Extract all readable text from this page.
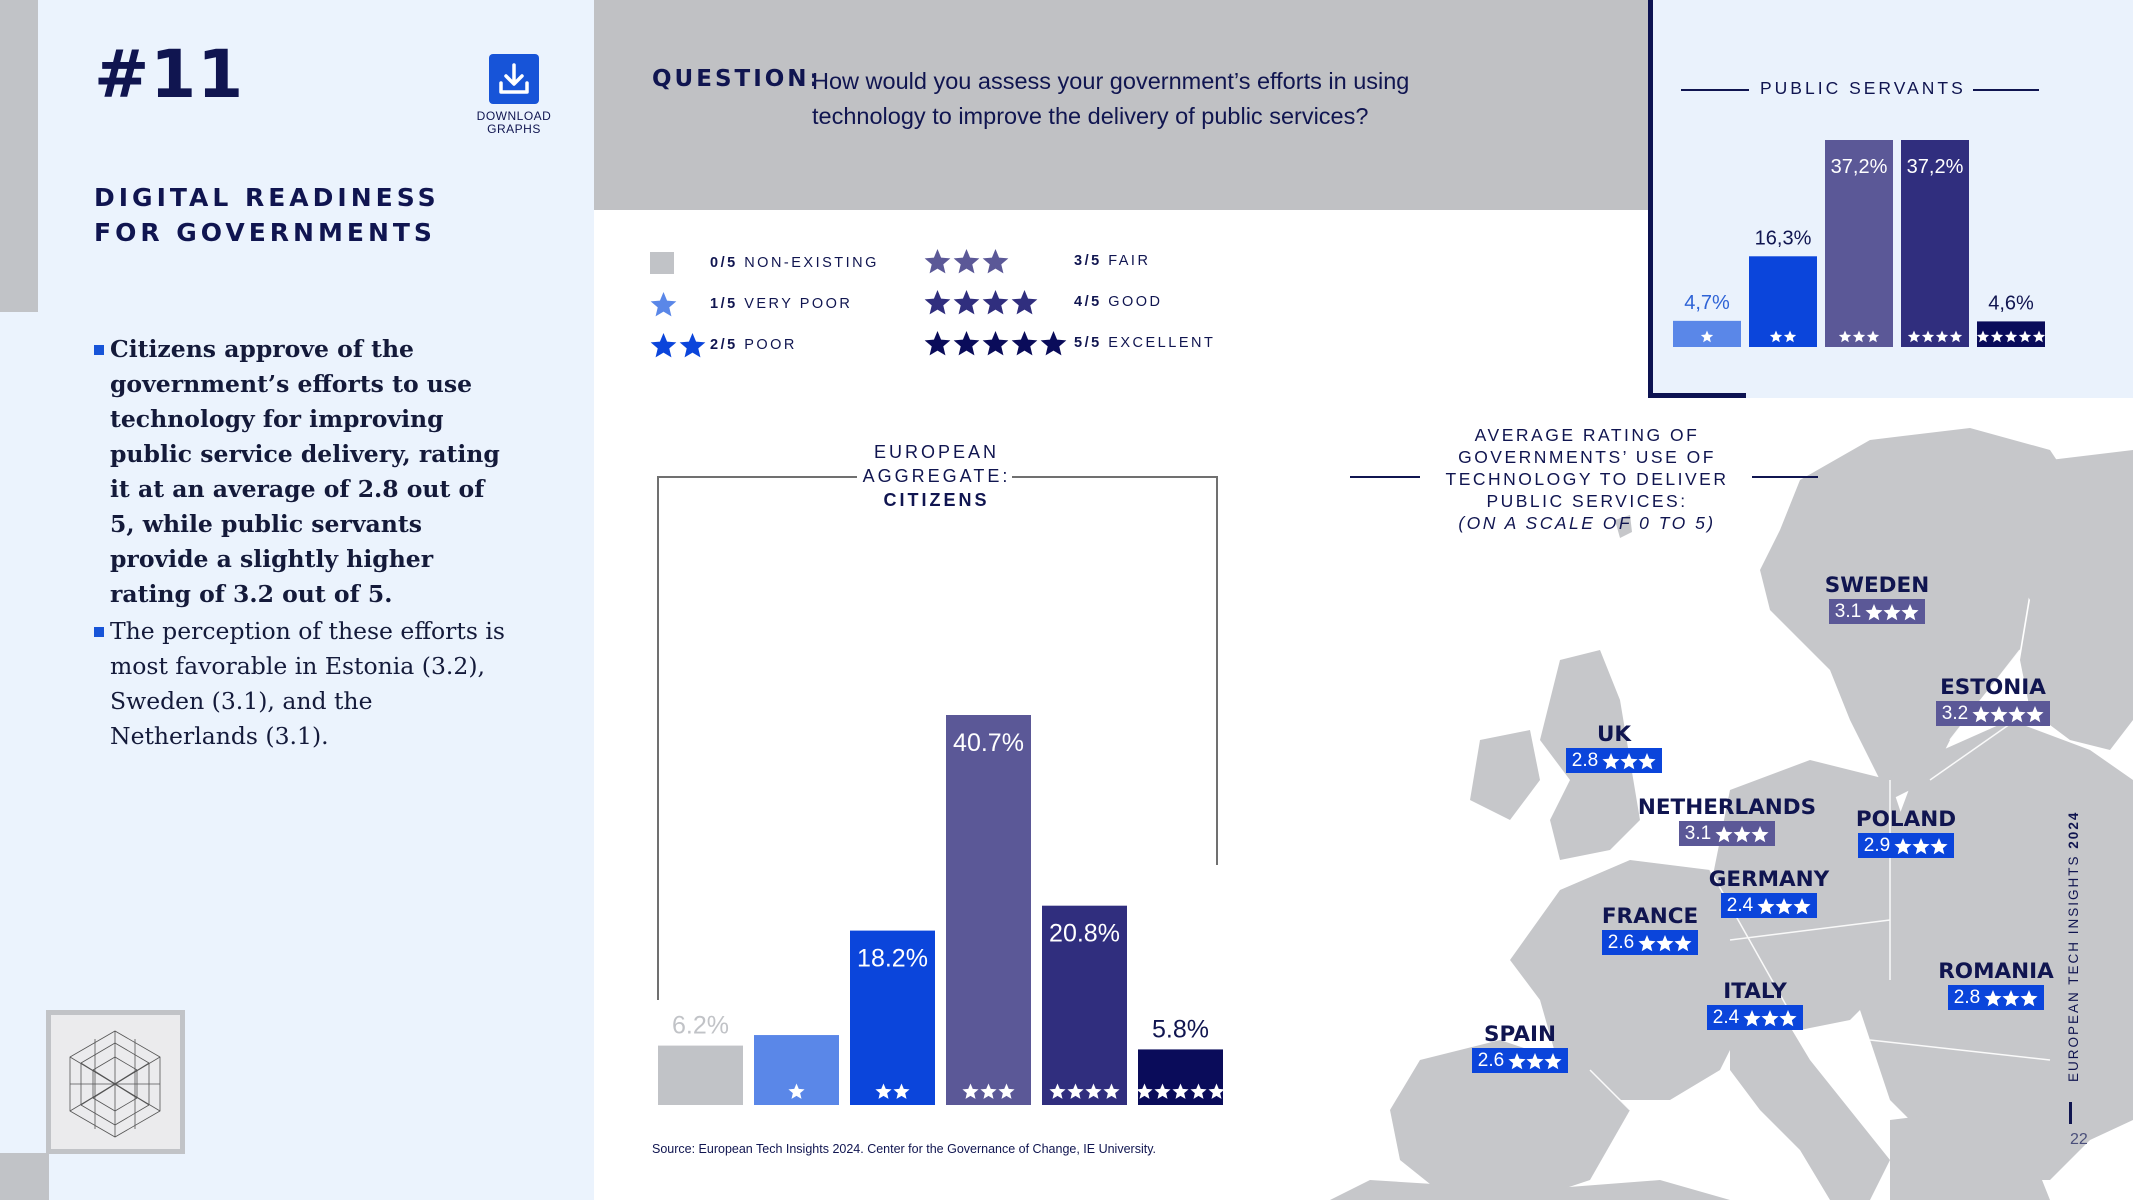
#11
DOWNLOAD
GRAPHS
DIGITAL READINESS
FOR GOVERNMENTS
Citizens approve of the government’s efforts to use technology for improving public service delivery, rating it at an average of 2.8 out of 5, while public servants provide a slightly higher rating of 3.2 out of 5.
The perception of these efforts is most favorable in Estonia (3.2), Sweden (3.1), and the Netherlands (3.1).
QUESTION:
How would you assess your government’s efforts in using technology to improve the delivery of public services?
0/5 NON-EXISTING
1/5 VERY POOR
2/5 POOR
3/5 FAIR
4/5 GOOD
5/5 EXCELLENT
PUBLIC SERVANTS
4,7%
16,3%
37,2% 37,2%
4,6%
EUROPEAN
AGGREGATE:
CITIZENS
6.2%
18.2%
40.7%
20.8%
5.8%
AVERAGE RATING OF
GOVERNMENTS’ USE OF
TECHNOLOGY TO DELIVER
PUBLIC SERVICES:
(ON A SCALE OF 0 TO 5)
SWEDEN
3.1
ESTONIA
3.2
UK
2.8
NETHERLANDS
3.1
POLAND
2.9
GERMANY
2.4
FRANCE
2.6
ROMANIA
2.8
ITALY
2.4
SPAIN
2.6
Source: European Tech Insights 2024. Center for the Governance of Change, IE University.
EUROPEAN TECH INSIGHTS 2024
22
